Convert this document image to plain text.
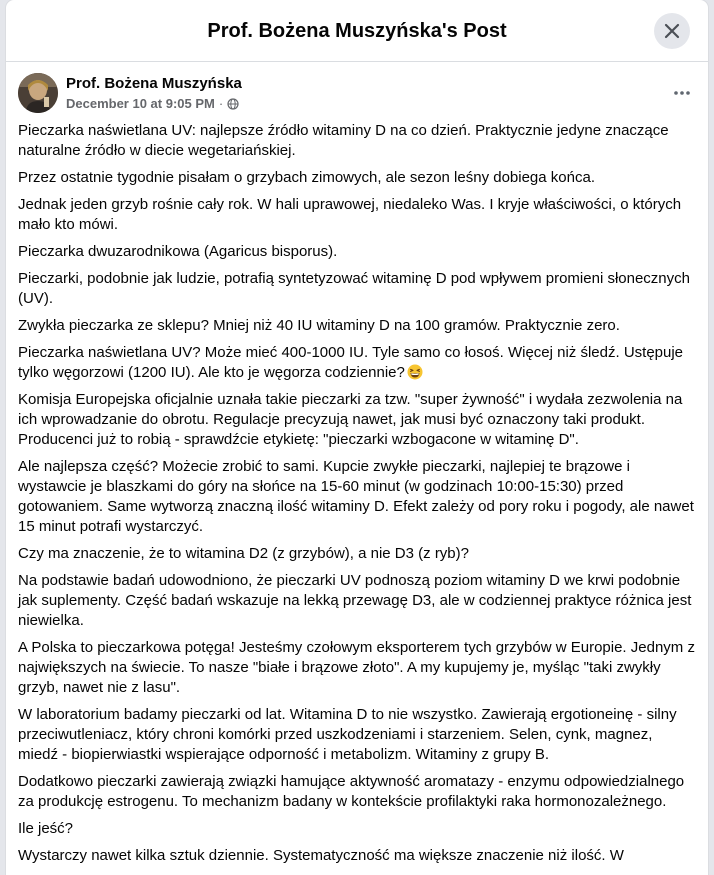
Prof. Bożena Muszyńska's Post
Prof. Bożena Muszyńska
December 10 at 9:05 PM ·

Pieczarka naświetlana UV: najlepsze źródło witaminy D na co dzień. Praktycznie jedyne znaczące naturalne źródło w diecie wegetariańskiej.

Przez ostatnie tygodnie pisałam o grzybach zimowych, ale sezon leśny dobiega końca.

Jednak jeden grzyb rośnie cały rok. W hali uprawowej, niedaleko Was. I kryje właściwości, o których mało kto mówi.

Pieczarka dwuzarodnikowa (Agaricus bisporus).

Pieczarki, podobnie jak ludzie, potrafią syntetyzować witaminę D pod wpływem promieni słonecznych (UV).

Zwykła pieczarka ze sklepu? Mniej niż 40 IU witaminy D na 100 gramów. Praktycznie zero.

Pieczarka naświetlana UV? Może mieć 400-1000 IU. Tyle samo co łosoś. Więcej niż śledź. Ustępuje tylko węgorzowi (1200 IU). Ale kto je węgorza codziennie?

Komisja Europejska oficjalnie uznała takie pieczarki za tzw. "super żywność" i wydała zezwolenia na ich wprowadzanie do obrotu. Regulacje precyzują nawet, jak musi być oznaczony taki produkt. Producenci już to robią - sprawdźcie etykietę: "pieczarki wzbogacone w witaminę D".

Ale najlepsza część? Możecie zrobić to sami. Kupcie zwykłe pieczarki, najlepiej te brązowe i wystawcie je blaszkami do góry na słońce na 15-60 minut (w godzinach 10:00-15:30) przed gotowaniem. Same wytworzą znaczną ilość witaminy D. Efekt zależy od pory roku i pogody, ale nawet 15 minut potrafi wystarczyć.

Czy ma znaczenie, że to witamina D2 (z grzybów), a nie D3 (z ryb)?

Na podstawie badań udowodniono, że pieczarki UV podnoszą poziom witaminy D we krwi podobnie jak suplementy. Część badań wskazuje na lekką przewagę D3, ale w codziennej praktyce różnica jest niewielka.

A Polska to pieczarkowa potęga! Jesteśmy czołowym eksporterem tych grzybów w Europie. Jednym z największych na świecie. To nasze "białe i brązowe złoto". A my kupujemy je, myśląc "taki zwykły grzyb, nawet nie z lasu".

W laboratorium badamy pieczarki od lat. Witamina D to nie wszystko. Zawierają ergotioneinę - silny przeciwutleniacz, który chroni komórki przed uszkodzeniami i starzeniem. Selen, cynk, magnez, miedź - biopierwiastki wspierające odporność i metabolizm. Witaminy z grupy B.

Dodatkowo pieczarki zawierają związki hamujące aktywność aromatazy - enzymu odpowiedzialnego za produkcję estrogenu. To mechanizm badany w kontekście profilaktyki raka hormonozależnego.

Ile jeść?

Wystarczy nawet kilka sztuk dziennie. Systematyczność ma większe znaczenie niż ilość. W
